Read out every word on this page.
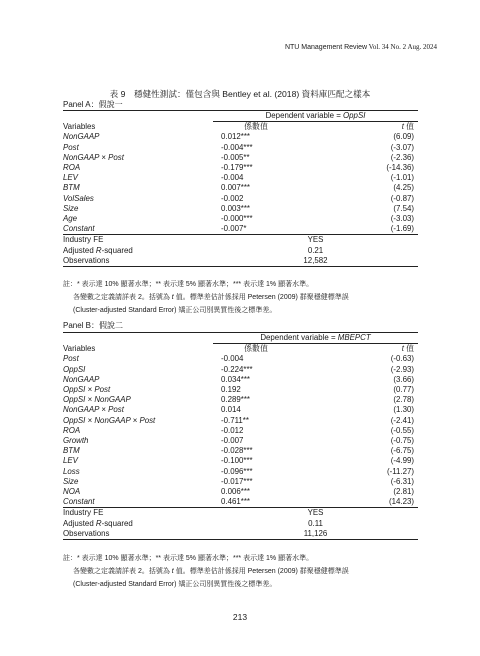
NTU Management Review Vol. 34 No. 2 Aug. 2024
表 9　穩健性測試：僅包含與 Bentley et al. (2018) 資料庫匹配之樣本
Panel A：假說一
	Dependent variable = OppSI	
Variables	係數值	t 值
NonGAAP	0.012***	(6.09)
Post	-0.004***	(-3.07)
NonGAAP × Post	-0.005**	(-2.36)
ROA	-0.179***	(-14.36)
LEV	-0.004	(-1.01)
BTM	0.007***	(4.25)
VolSales	-0.002	(-0.87)
Size	0.003***	(7.54)
Age	-0.000***	(-3.03)
Constant	-0.007*	(-1.69)
Industry FE	YES	
Adjusted R-squared	0.21	
Observations	12,582	
註：* 表示達 10% 顯著水準；** 表示達 5% 顯著水準；*** 表示達 1% 顯著水準。
各變數之定義請詳表 2。括號為 t 值。標準差估計係採用 Petersen (2009) 群聚穩健標準誤
(Cluster-adjusted Standard Error) 矯正公司別異質性後之標準差。
Panel B：假說二
	Dependent variable = MBEPCT	
Variables	係數值	t 值
Post	-0.004	(-0.63)
OppSI	-0.224***	(-2.93)
NonGAAP	0.034***	(3.66)
OppSI × Post	0.192	(0.77)
OppSI × NonGAAP	0.289***	(2.78)
NonGAAP × Post	0.014	(1.30)
OppSI × NonGAAP × Post	-0.711**	(-2.41)
ROA	-0.012	(-0.55)
Growth	-0.007	(-0.75)
BTM	-0.028***	(-6.75)
LEV	-0.100***	(-4.99)
Loss	-0.096***	(-11.27)
Size	-0.017***	(-6.31)
NOA	0.006***	(2.81)
Constant	0.461***	(14.23)
Industry FE	YES	
Adjusted R-squared	0.11	
Observations	11,126	
註：* 表示達 10% 顯著水準；** 表示達 5% 顯著水準；*** 表示達 1% 顯著水準。
各變數之定義請詳表 2。括號為 t 值。標準差估計係採用 Petersen (2009) 群聚穩健標準誤
(Cluster-adjusted Standard Error) 矯正公司別異質性後之標準差。
213
